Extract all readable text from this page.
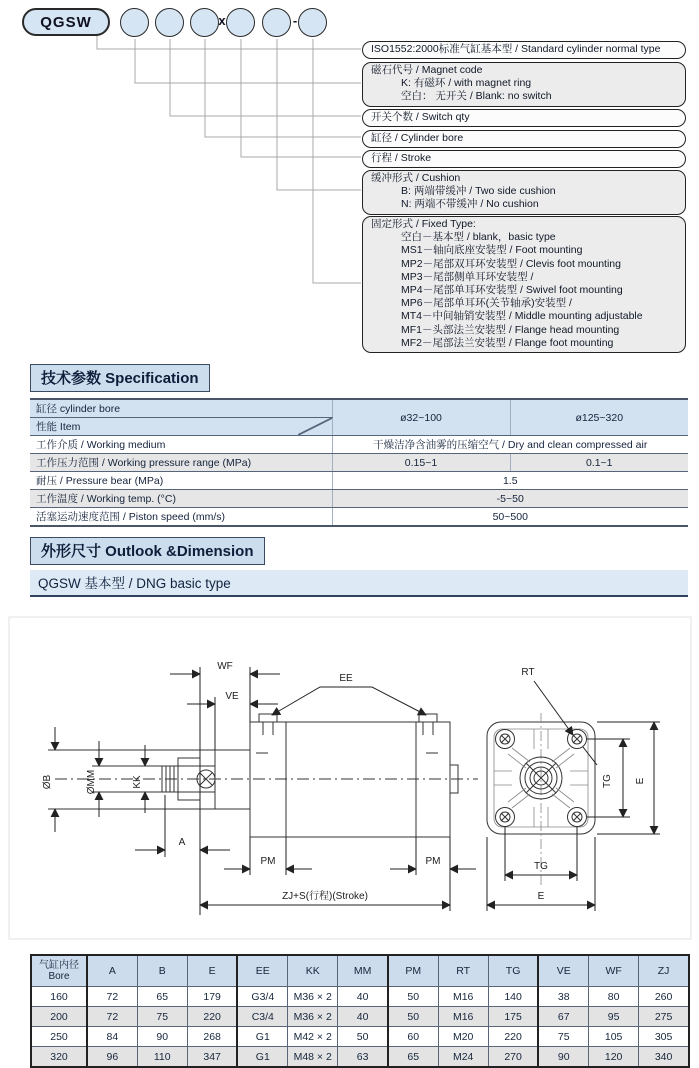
QGSW	x	-
ISO1552:2000标准气缸基本型 / Standard cylinder normal type
磁石代号 / Magnet code
K: 有磁环 / with magnet ring
空白： 无开关 / Blank: no switch
开关个数 / Switch qty
缸径 / Cylinder bore
行程 / Stroke
缓冲形式 / Cushion
B: 两端带缓冲 / Two side cushion
N: 两端不带缓冲 / No cushion
固定形式 / Fixed Type:
空白－基本型 / blank，basic type
MS1－轴向底座安装型 / Foot mounting
MP2－尾部双耳环安装型 / Clevis foot mounting
MP3－尾部侧单耳环安装型 /
MP4－尾部单耳环安装型 / Swivel foot mounting
MP6－尾部单耳环(关节轴承)安装型 /
MT4－中间轴销安装型 / Middle mounting adjustable
MF1－头部法兰安装型 / Flange head mounting
MF2－尾部法兰安装型 / Flange foot mounting
技术参数 Specification
缸径 cylinder bore	ø32~100	ø125~320
性能 Item		

工作介质 / Working medium	干燥洁净含油雾的压缩空气 / Dry and clean compressed air	
工作压力范围 / Working pressure range (MPa)	0.15~1	0.1~1
耐压 / Pressure bear (MPa)	1.5	
工作温度 / Working temp. (°C)	-5~50	
活塞运动速度范围 / Piston speed (mm/s)	50~500	
外形尺寸 Outlook &Dimension
QGSW 基本型 / DNG basic type
WF
VE
EE
ØB	ØMM	KK
A
PM	PM
ZJ+S(行程)(Stroke)
RT
TG E
TG
E
气缸内径
Bore	A	B	E	EE	KK	MM	PM	RT	TG	VE	WF	ZJ
160	72	65	179	G3/4	M36 × 2	40	50	M16	140	38	80	260
200	72	75	220	C3/4	M36 × 2	40	50	M16	175	67	95	275
250	84	90	268	G1	M42 × 2	50	60	M20	220	75	105	305
320	96	110	347	G1	M48 × 2	63	65	M24	270	90	120	340
